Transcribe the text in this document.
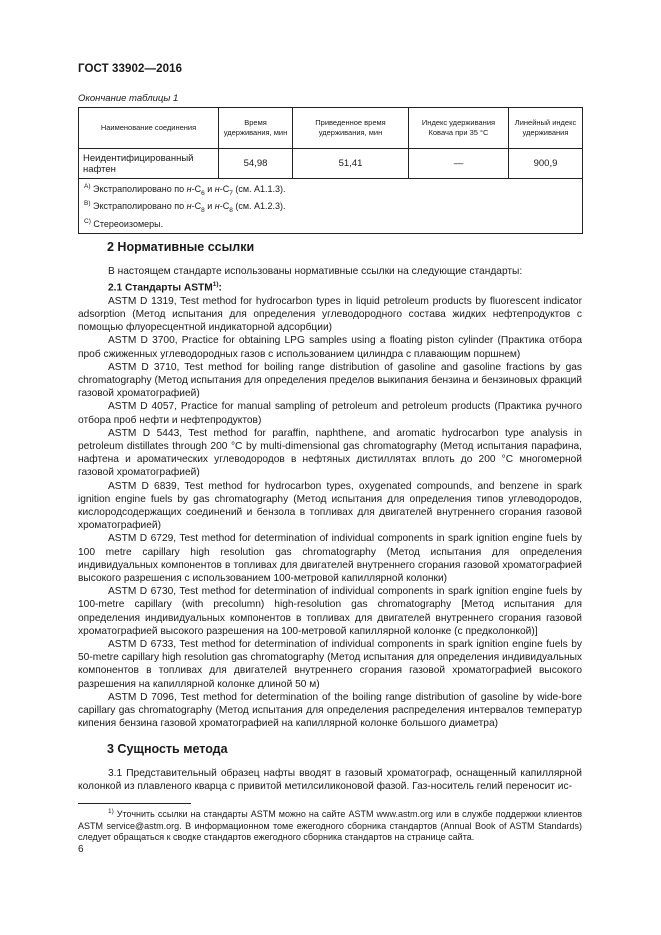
ГОСТ 33902—2016
Окончание таблицы 1
Наименование соединения	Время удерживания, мин	Приведенное время удерживания, мин	Индекс удерживания Ковача при 35 °С	Линейный индекс удерживания
Неидентифицированный нафтен	54,98	51,41	—	900,9

$^{A)}$ Экстраполировано по $н-C_6$ и $н-C_7$ (см. А1.1.3).
$^{B)}$ Экстраполировано по $н-C_8$ и $н-C_8$ (см. А1.2.3).
$^{C)}$ Стереоизомеры.				
2 Нормативные ссылки

В настоящем стандарте использованы нормативные ссылки на следующие стандарты:

2.1 Стандарты ASTM$^{1)}$:

ASTM D 1319, Test method for hydrocarbon types in liquid petroleum products by fluorescent indicator adsorption (Метод испытания для определения углеводородного состава жидких нефтепродуктов с помощью флуоресцентной индикаторной адсорбции)

ASTM D 3700, Practice for obtaining LPG samples using a floating piston cylinder (Практика отбора проб сжиженных углеводородных газов с использованием цилиндра с плавающим поршнем)

ASTM D 3710, Test method for boiling range distribution of gasoline and gasoline fractions by gas chromatography (Метод испытания для определения пределов выкипания бензина и бензиновых фракций газовой хроматографией)

ASTM D 4057, Practice for manual sampling of petroleum and petroleum products (Практика ручного отбора проб нефти и нефтепродуктов)

ASTM D 5443, Test method for paraffin, naphthene, and aromatic hydrocarbon type analysis in petroleum distillates through 200 °C by multi-dimensional gas chromatography (Метод испытания парафина, нафтена и ароматических углеводородов в нефтяных дистиллятах вплоть до 200 °С многомерной газовой хроматографией)

ASTM D 6839, Test method for hydrocarbon types, oxygenated compounds, and benzene in spark ignition engine fuels by gas chromatography (Метод испытания для определения типов углеводородов, кислородсодержащих соединений и бензола в топливах для двигателей внутреннего сгорания газовой хроматографией)

ASTM D 6729, Test method for determination of individual components in spark ignition engine fuels by 100 metre capillary high resolution gas chromatography (Метод испытания для определения индивидуальных компонентов в топливах для двигателей внутреннего сгорания газовой хроматографией высокого разрешения с использованием 100-метровой капиллярной колонки)

ASTM D 6730, Test method for determination of individual components in spark ignition engine fuels by 100-metre capillary (with precolumn) high-resolution gas chromatography [Метод испытания для определения индивидуальных компонентов в топливах для двигателей внутреннего сгорания газовой хроматографией высокого разрешения на 100-метровой капиллярной колонке (с предколонкой)]

ASTM D 6733, Test method for determination of individual components in spark ignition engine fuels by 50-metre capillary high resolution gas chromatography (Метод испытания для определения индивидуальных компонентов в топливах для двигателей внутреннего сгорания газовой хроматографией высокого разрешения на капиллярной колонке длиной 50 м)

ASTM D 7096, Test method for determination of the boiling range distribution of gasoline by wide-bore capillary gas chromatography (Метод испытания для определения распределения интервалов температур кипения бензина газовой хроматографией на капиллярной колонке большого диаметра)

3 Сущность метода

3.1 Представительный образец нафты вводят в газовый хроматограф, оснащенный капиллярной колонкой из плавленого кварца с привитой метилсиликоновой фазой. Газ-носитель гелий переносит ис-

$^{1)}$ Уточнить ссылки на стандарты ASTM можно на сайте ASTM www.astm.org или в службе поддержки клиентов ASTM service@astm.org. В информационном томе ежегодного сборника стандартов (Annual Book of ASTM Standards) следует обращаться к сводке стандартов ежегодного сборника стандартов на странице сайта.

6
